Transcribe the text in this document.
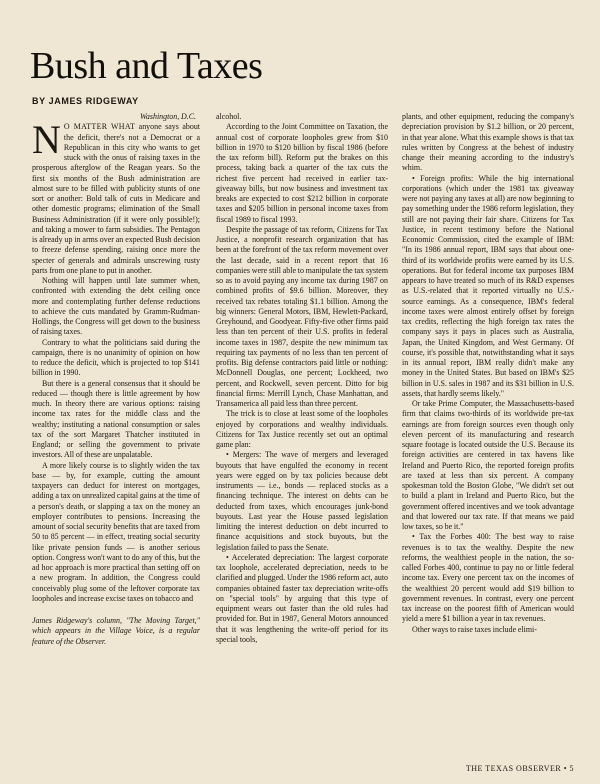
Bush and Taxes

BY JAMES RIDGEWAY

Washington, D.C.

N O MATTER WHAT anyone says about the deficit, there's not a Democrat or a Republican in this city who wants to get stuck with the onus of raising taxes in the prosperous afterglow of the Reagan years. So the first six months of the Bush administration are almost sure to be filled with publicity stunts of one sort or another: Bold talk of cuts in Medicare and other domestic programs; elimination of the Small Business Administration (if it were only possible!); and taking a mower to farm subsidies. The Pentagon is already up in arms over an expected Bush decision to freeze defense spending, raising once more the specter of generals and admirals unscrewing rusty parts from one plane to put in another.

Nothing will happen until late summer when, confronted with extending the debt ceiling once more and contemplating further defense reductions to achieve the cuts mandated by Gramm-Rudman-Hollings, the Congress will get down to the business of raising taxes.

Contrary to what the politicians said during the campaign, there is no unanimity of opinion on how to reduce the deficit, which is projected to top $141 billion in 1990.

But there is a general consensus that it should be reduced — though there is little agreement by how much. In theory there are various options: raising income tax rates for the middle class and the wealthy; instituting a national consumption or sales tax of the sort Margaret Thatcher instituted in England; or selling the government to private investors. All of these are unpalatable.

A more likely course is to slightly widen the tax base — by, for example, cutting the amount taxpayers can deduct for interest on mortgages, adding a tax on unrealized capital gains at the time of a person's death, or slapping a tax on the money an employer contributes to pensions. Increasing the amount of social security benefits that are taxed from 50 to 85 percent — in effect, treating social security like private pension funds — is another serious option. Congress won't want to do any of this, but the ad hoc approach is more practical than setting off on a new program. In addition, the Congress could conceivably plug some of the leftover corporate tax loopholes and increase excise taxes on tobacco and

James Ridgeway's column, "The Moving Target," which appears in the Village Voice, is a regular feature of the Observer.

alcohol.

According to the Joint Committee on Taxation, the annual cost of corporate loopholes grew from $10 billion in 1970 to $120 billion by fiscal 1986 (before the tax reform bill). Reform put the brakes on this process, taking back a quarter of the tax cuts the richest five percent had received in earlier tax-giveaway bills, but now business and investment tax breaks are expected to cost $212 billion in corporate taxes and $205 billion in personal income taxes from fiscal 1989 to fiscal 1993.

Despite the passage of tax reform, Citizens for Tax Justice, a nonprofit research organization that has been at the forefront of the tax reform movement over the last decade, said in a recent report that 16 companies were still able to manipulate the tax system so as to avoid paying any income tax during 1987 on combined profits of $9.6 billion. Moreover, they received tax rebates totaling $1.1 billion. Among the big winners: General Motors, IBM, Hewlett-Packard, Greyhound, and Goodyear. Fifty-five other firms paid less than ten percent of their U.S. profits in federal income taxes in 1987, despite the new minimum tax requiring tax payments of no less than ten percent of profits. Big defense contractors paid little or nothing: McDonnell Douglas, one percent; Lockheed, two percent, and Rockwell, seven percent. Ditto for big financial firms: Merrill Lynch, Chase Manhattan, and Transamerica all paid less than three percent.

The trick is to close at least some of the loopholes enjoyed by corporations and wealthy individuals. Citizens for Tax Justice recently set out an optimal game plan:

• Mergers: The wave of mergers and leveraged buyouts that have engulfed the economy in recent years were egged on by tax policies because debt instruments — i.e., bonds — replaced stocks as a financing technique. The interest on debts can be deducted from taxes, which encourages junk-bond buyouts. Last year the House passed legislation limiting the interest deduction on debt incurred to finance acquisitions and stock buyouts, but the legislation failed to pass the Senate.

• Accelerated depreciation: The largest corporate tax loophole, accelerated depreciation, needs to be clarified and plugged. Under the 1986 reform act, auto companies obtained faster tax depreciation write-offs on "special tools" by arguing that this type of equipment wears out faster than the old rules had provided for. But in 1987, General Motors announced that it was lengthening the write-off period for its special tools,

plants, and other equipment, reducing the company's depreciation provision by $1.2 billion, or 20 percent, in that year alone. What this example shows is that tax rules written by Congress at the behest of industry change their meaning according to the industry's whim.

• Foreign profits: While the big international corporations (which under the 1981 tax giveaway were not paying any taxes at all) are now beginning to pay something under the 1986 reform legislation, they still are not paying their fair share. Citizens for Tax Justice, in recent testimony before the National Economic Commission, cited the example of IBM: "In its 1986 annual report, IBM says that about one-third of its worldwide profits were earned by its U.S. operations. But for federal income tax purposes IBM appears to have treated so much of its R&D expenses as U.S.-related that it reported virtually no U.S.-source earnings. As a consequence, IBM's federal income taxes were almost entirely offset by foreign tax credits, reflecting the high foreign tax rates the company says it pays in places such as Australia, Japan, the United Kingdom, and West Germany. Of course, it's possible that, notwithstanding what it says in its annual report, IBM really didn't make any money in the United States. But based on IBM's $25 billion in U.S. sales in 1987 and its $31 billion in U.S. assets, that hardly seems likely."

Or take Prime Computer, the Massachusetts-based firm that claims two-thirds of its worldwide pre-tax earnings are from foreign sources even though only eleven percent of its manufacturing and research square footage is located outside the U.S. Because its foreign activities are centered in tax havens like Ireland and Puerto Rico, the reported foreign profits are taxed at less than six percent. A company spokesman told the Boston Globe, "We didn't set out to build a plant in Ireland and Puerto Rico, but the government offered incentives and we took advantage and that lowered our tax rate. If that means we paid low taxes, so be it."

• Tax the Forbes 400: The best way to raise revenues is to tax the wealthy. Despite the new reforms, the wealthiest people in the nation, the so-called Forbes 400, continue to pay no or little federal income tax. Every one percent tax on the incomes of the wealthiest 20 percent would add $19 billion to government revenues. In contrast, every one percent tax increase on the poorest fifth of American would yield a mere $1 billion a year in tax revenues.

Other ways to raise taxes include elimi-

THE TEXAS OBSERVER • 5
